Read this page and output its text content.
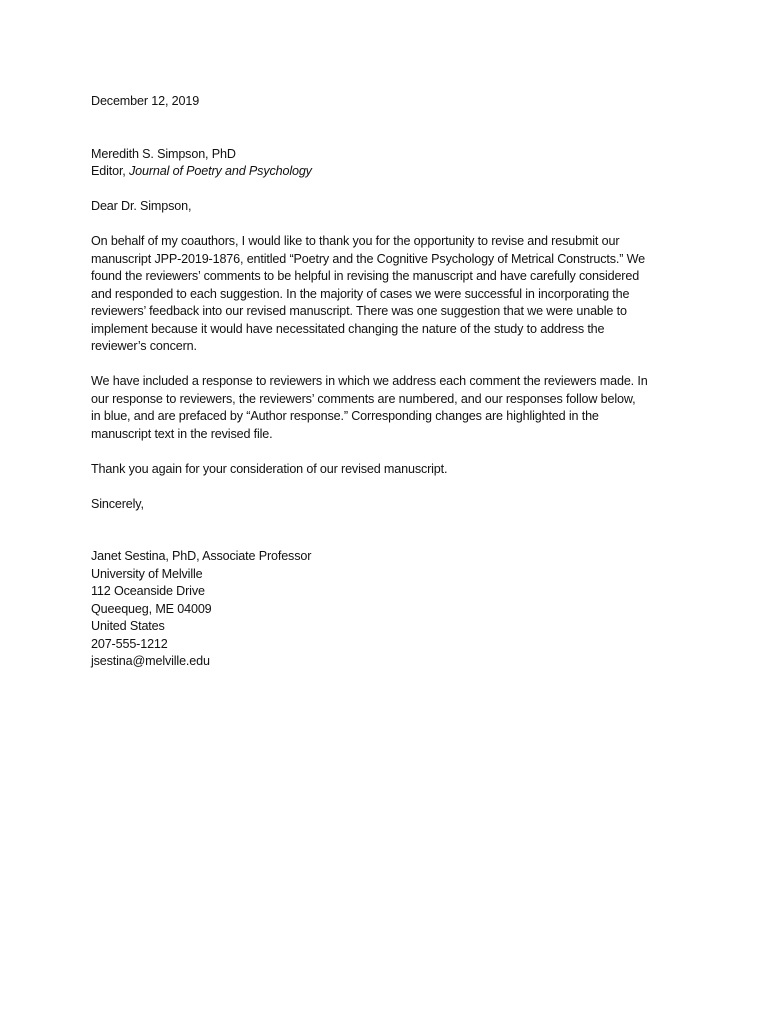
December 12, 2019
Meredith S. Simpson, PhD
Editor, Journal of Poetry and Psychology
Dear Dr. Simpson,
On behalf of my coauthors, I would like to thank you for the opportunity to revise and resubmit our
manuscript JPP-2019-1876, entitled “Poetry and the Cognitive Psychology of Metrical Constructs.” We
found the reviewers’ comments to be helpful in revising the manuscript and have carefully considered
and responded to each suggestion. In the majority of cases we were successful in incorporating the
reviewers’ feedback into our revised manuscript. There was one suggestion that we were unable to
implement because it would have necessitated changing the nature of the study to address the
reviewer’s concern.
We have included a response to reviewers in which we address each comment the reviewers made. In
our response to reviewers, the reviewers’ comments are numbered, and our responses follow below,
in blue, and are prefaced by “Author response.” Corresponding changes are highlighted in the
manuscript text in the revised file.
Thank you again for your consideration of our revised manuscript.
Sincerely,
Janet Sestina, PhD, Associate Professor
University of Melville
112 Oceanside Drive
Queequeg, ME 04009
United States
207-555-1212
jsestina@melville.edu
